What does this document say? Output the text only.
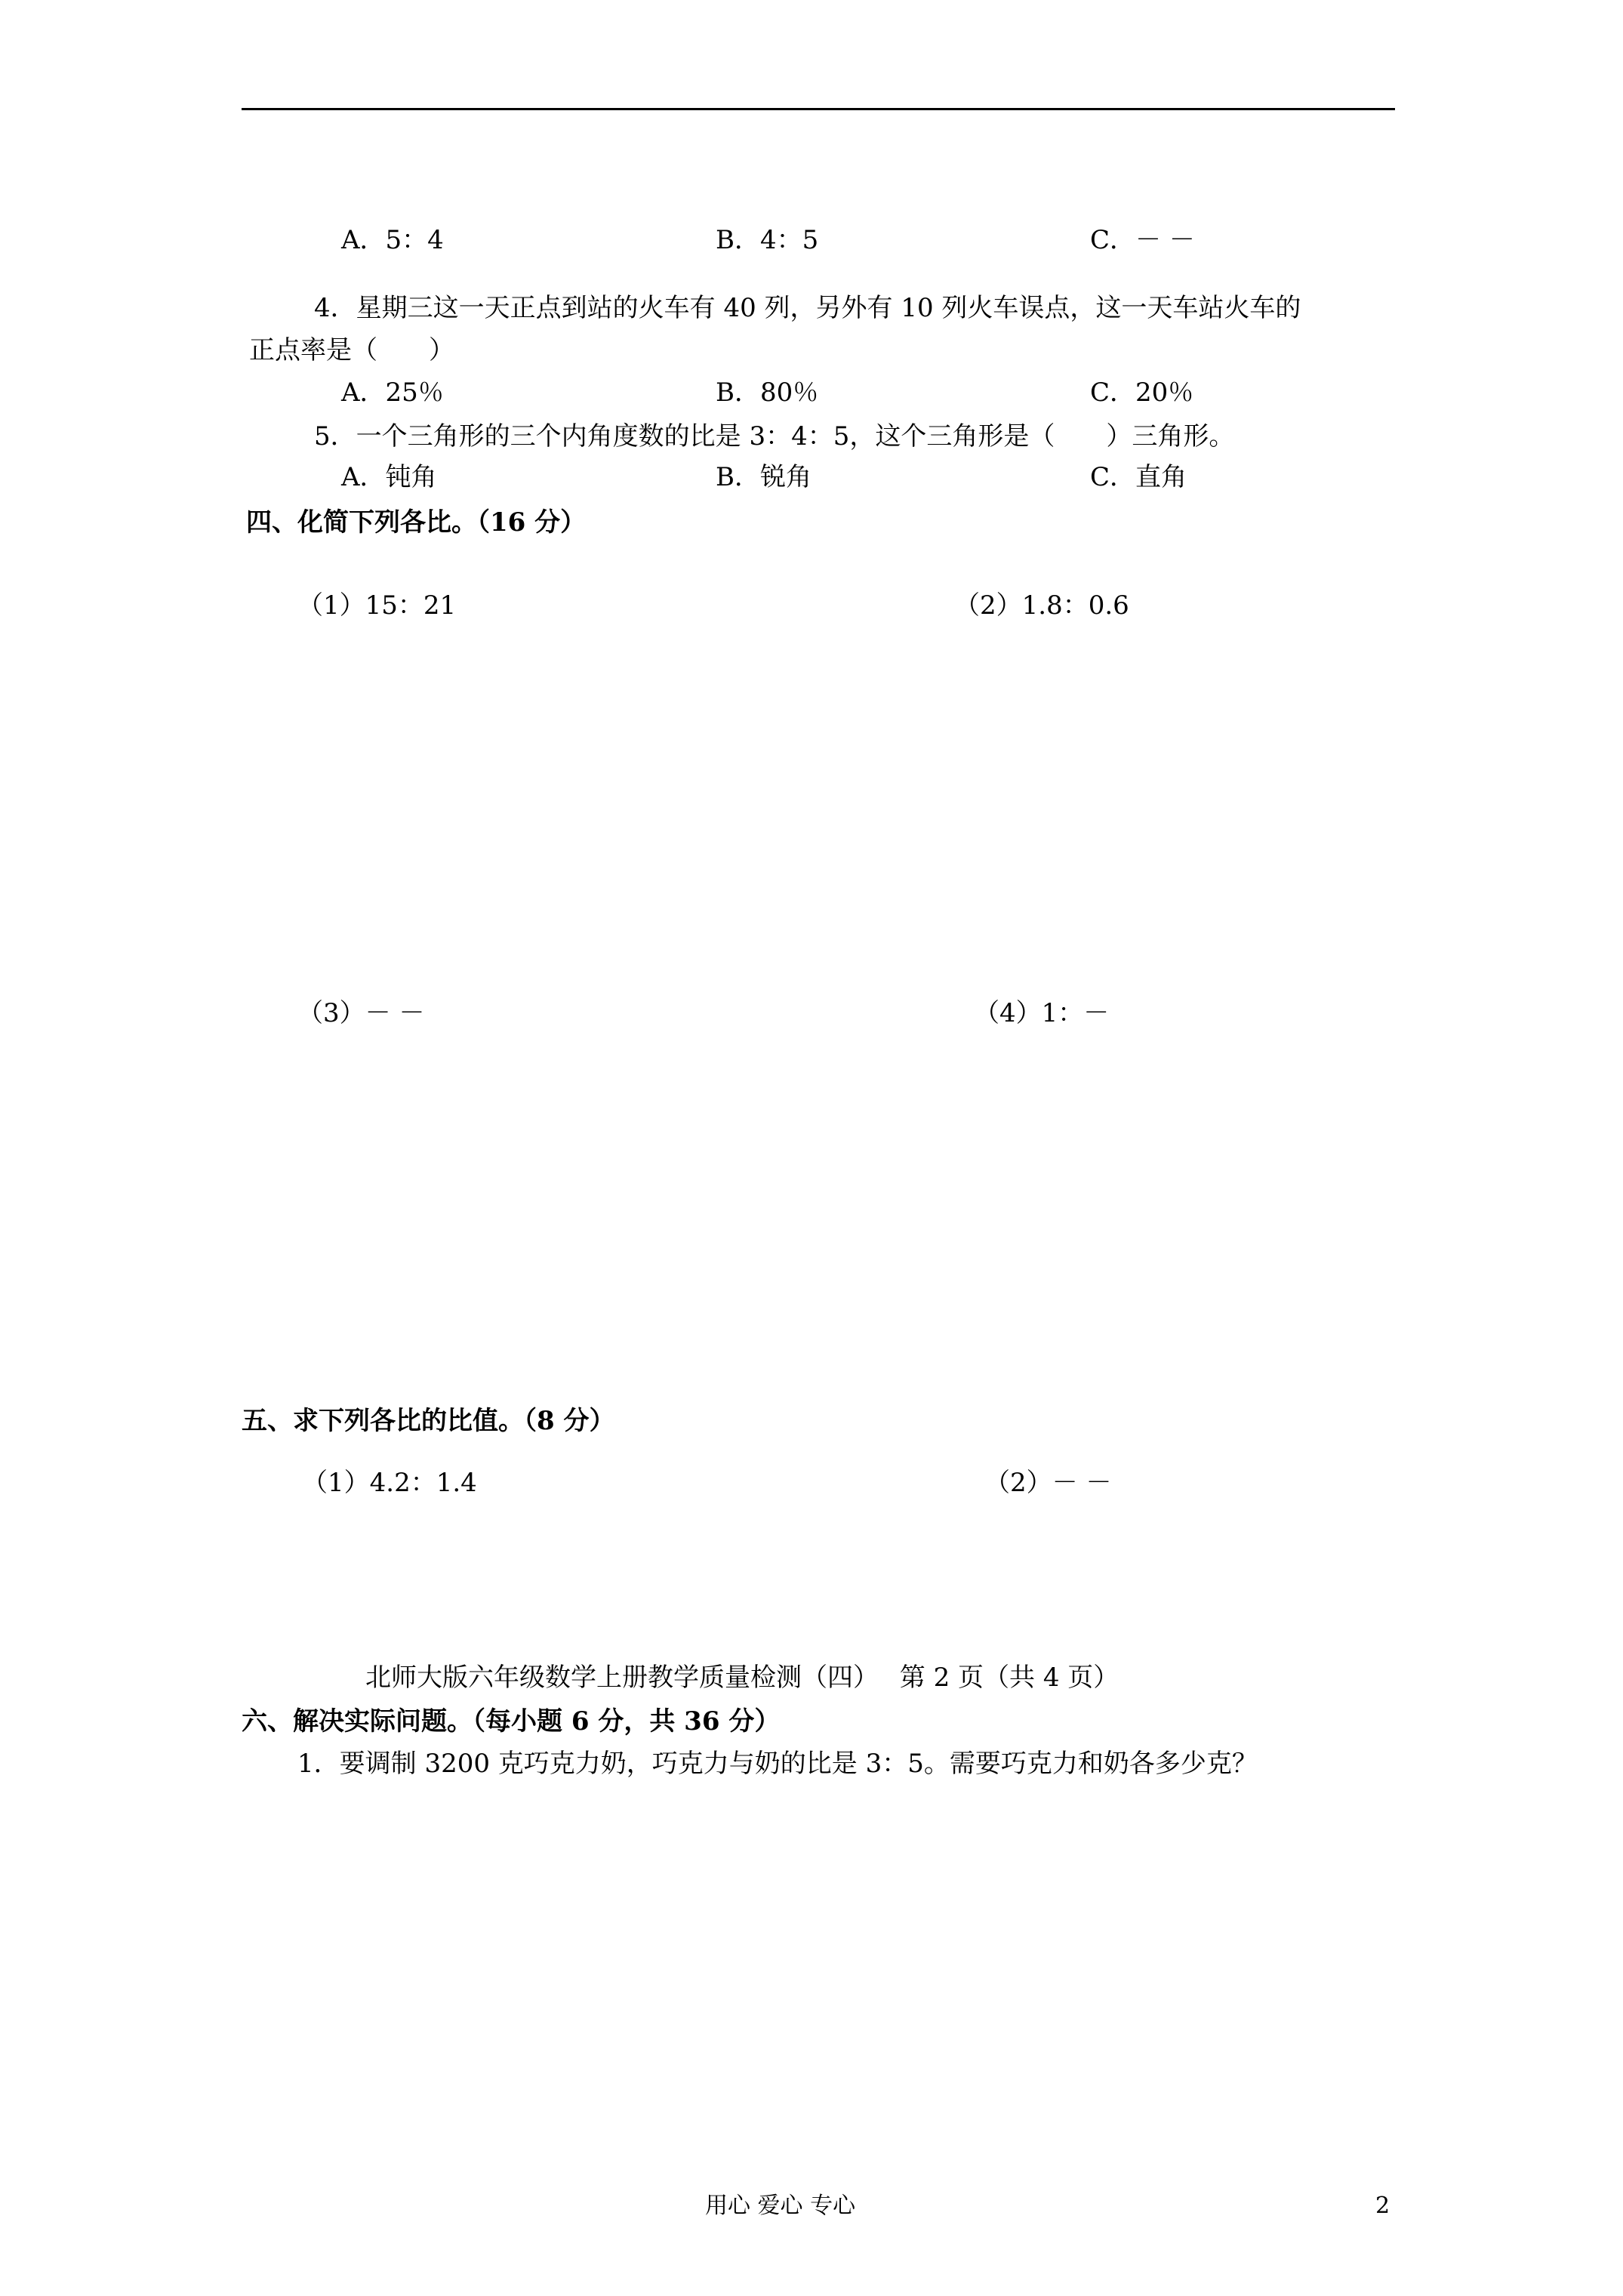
A．5：4	B．4：5	C．－ －
4．星期三这一天正点到站的火车有 40 列，另外有 10 列火车误点，这一天车站火车的
正点率是（　　）
A．25％	B．80％	C．20％
5．一个三角形的三个内角度数的比是 3：4：5，这个三角形是（　　）三角形。
A．钝角	B．锐角	C．直角
四、化简下列各比。（16 分）
（1）15：21	（2）1.8：0.6
（3）－ －	（4）1：－
五、求下列各比的比值。（8 分）
（1）4.2：1.4	（2）－ －
北师大版六年级数学上册教学质量检测（四）　 第 2 页（共 4 页）
六、解决实际问题。（每小题 6 分，共 36 分）
1．要调制 3200 克巧克力奶，巧克力与奶的比是 3：5。需要巧克力和奶各多少克？
用心 爱心 专心	2
